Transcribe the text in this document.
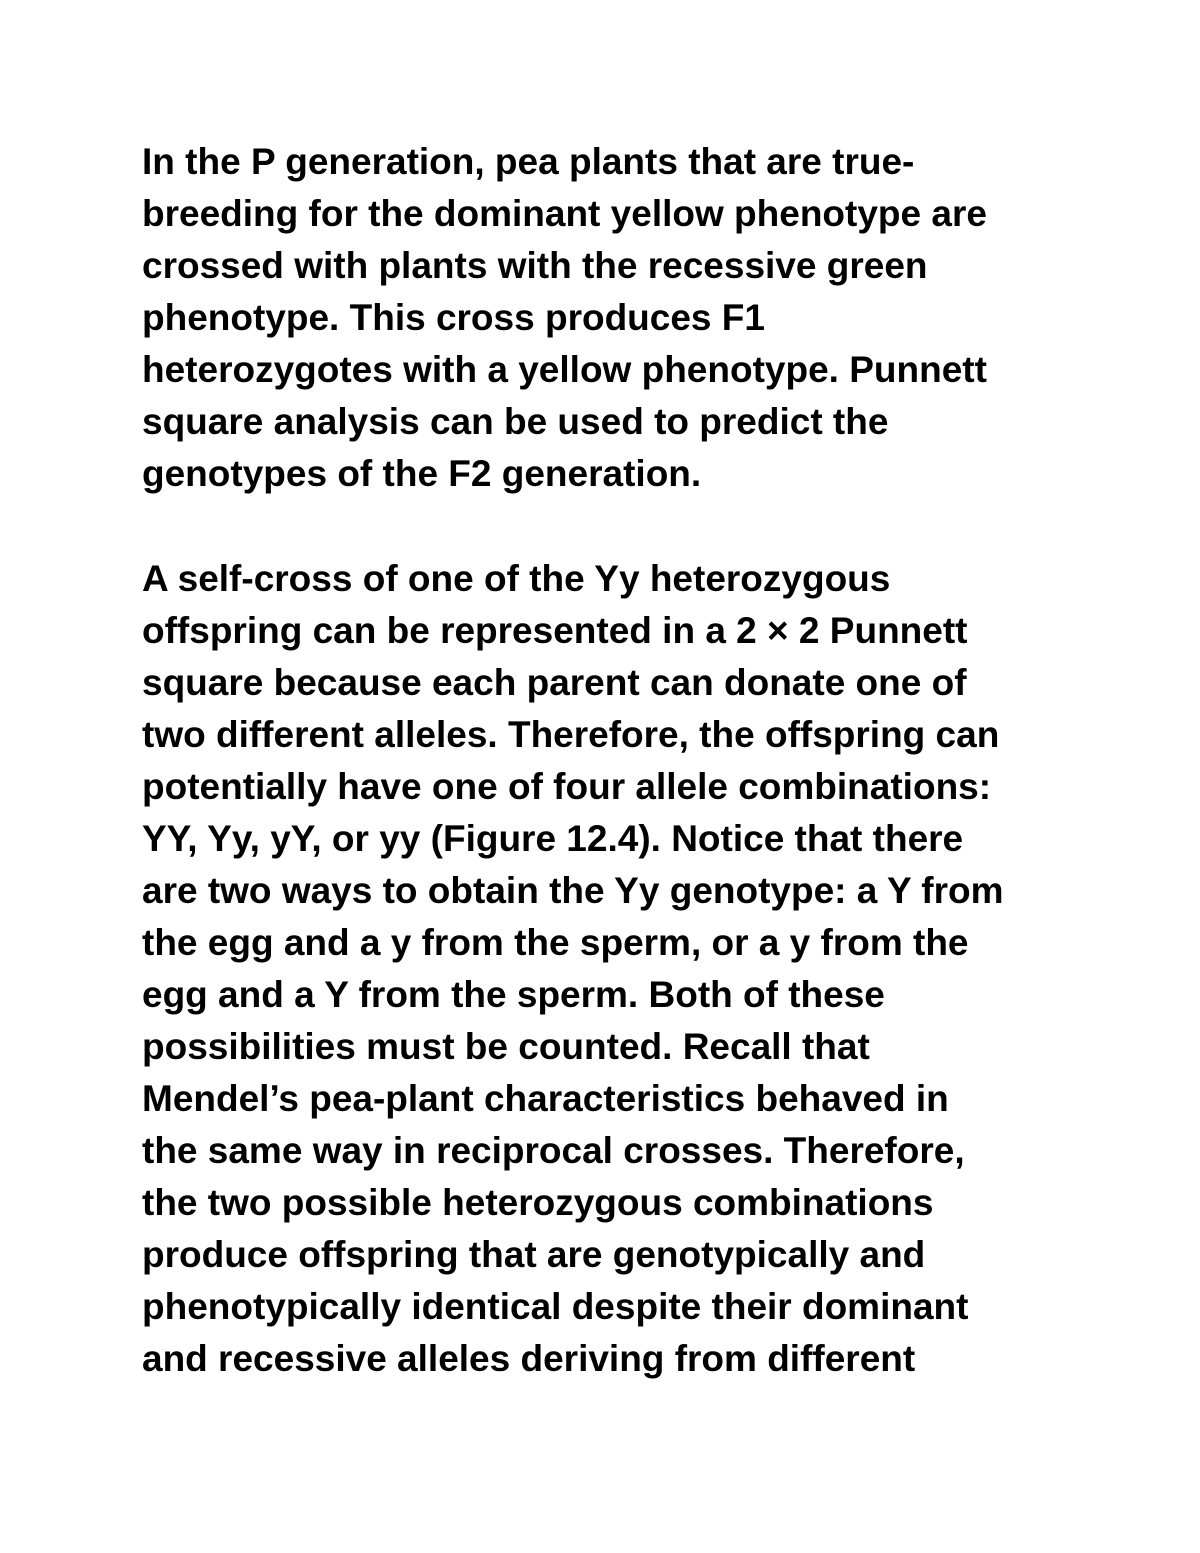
In the P generation, pea plants that are true-
breeding for the dominant yellow phenotype are
crossed with plants with the recessive green
phenotype. This cross produces F1
heterozygotes with a yellow phenotype. Punnett
square analysis can be used to predict the
genotypes of the F2 generation.

A self-cross of one of the Yy heterozygous
offspring can be represented in a 2 × 2 Punnett
square because each parent can donate one of
two different alleles. Therefore, the offspring can
potentially have one of four allele combinations:
YY, Yy, yY, or yy (Figure 12.4). Notice that there
are two ways to obtain the Yy genotype: a Y from
the egg and a y from the sperm, or a y from the
egg and a Y from the sperm. Both of these
possibilities must be counted. Recall that
Mendel’s pea-plant characteristics behaved in
the same way in reciprocal crosses. Therefore,
the two possible heterozygous combinations
produce offspring that are genotypically and
phenotypically identical despite their dominant
and recessive alleles deriving from different
